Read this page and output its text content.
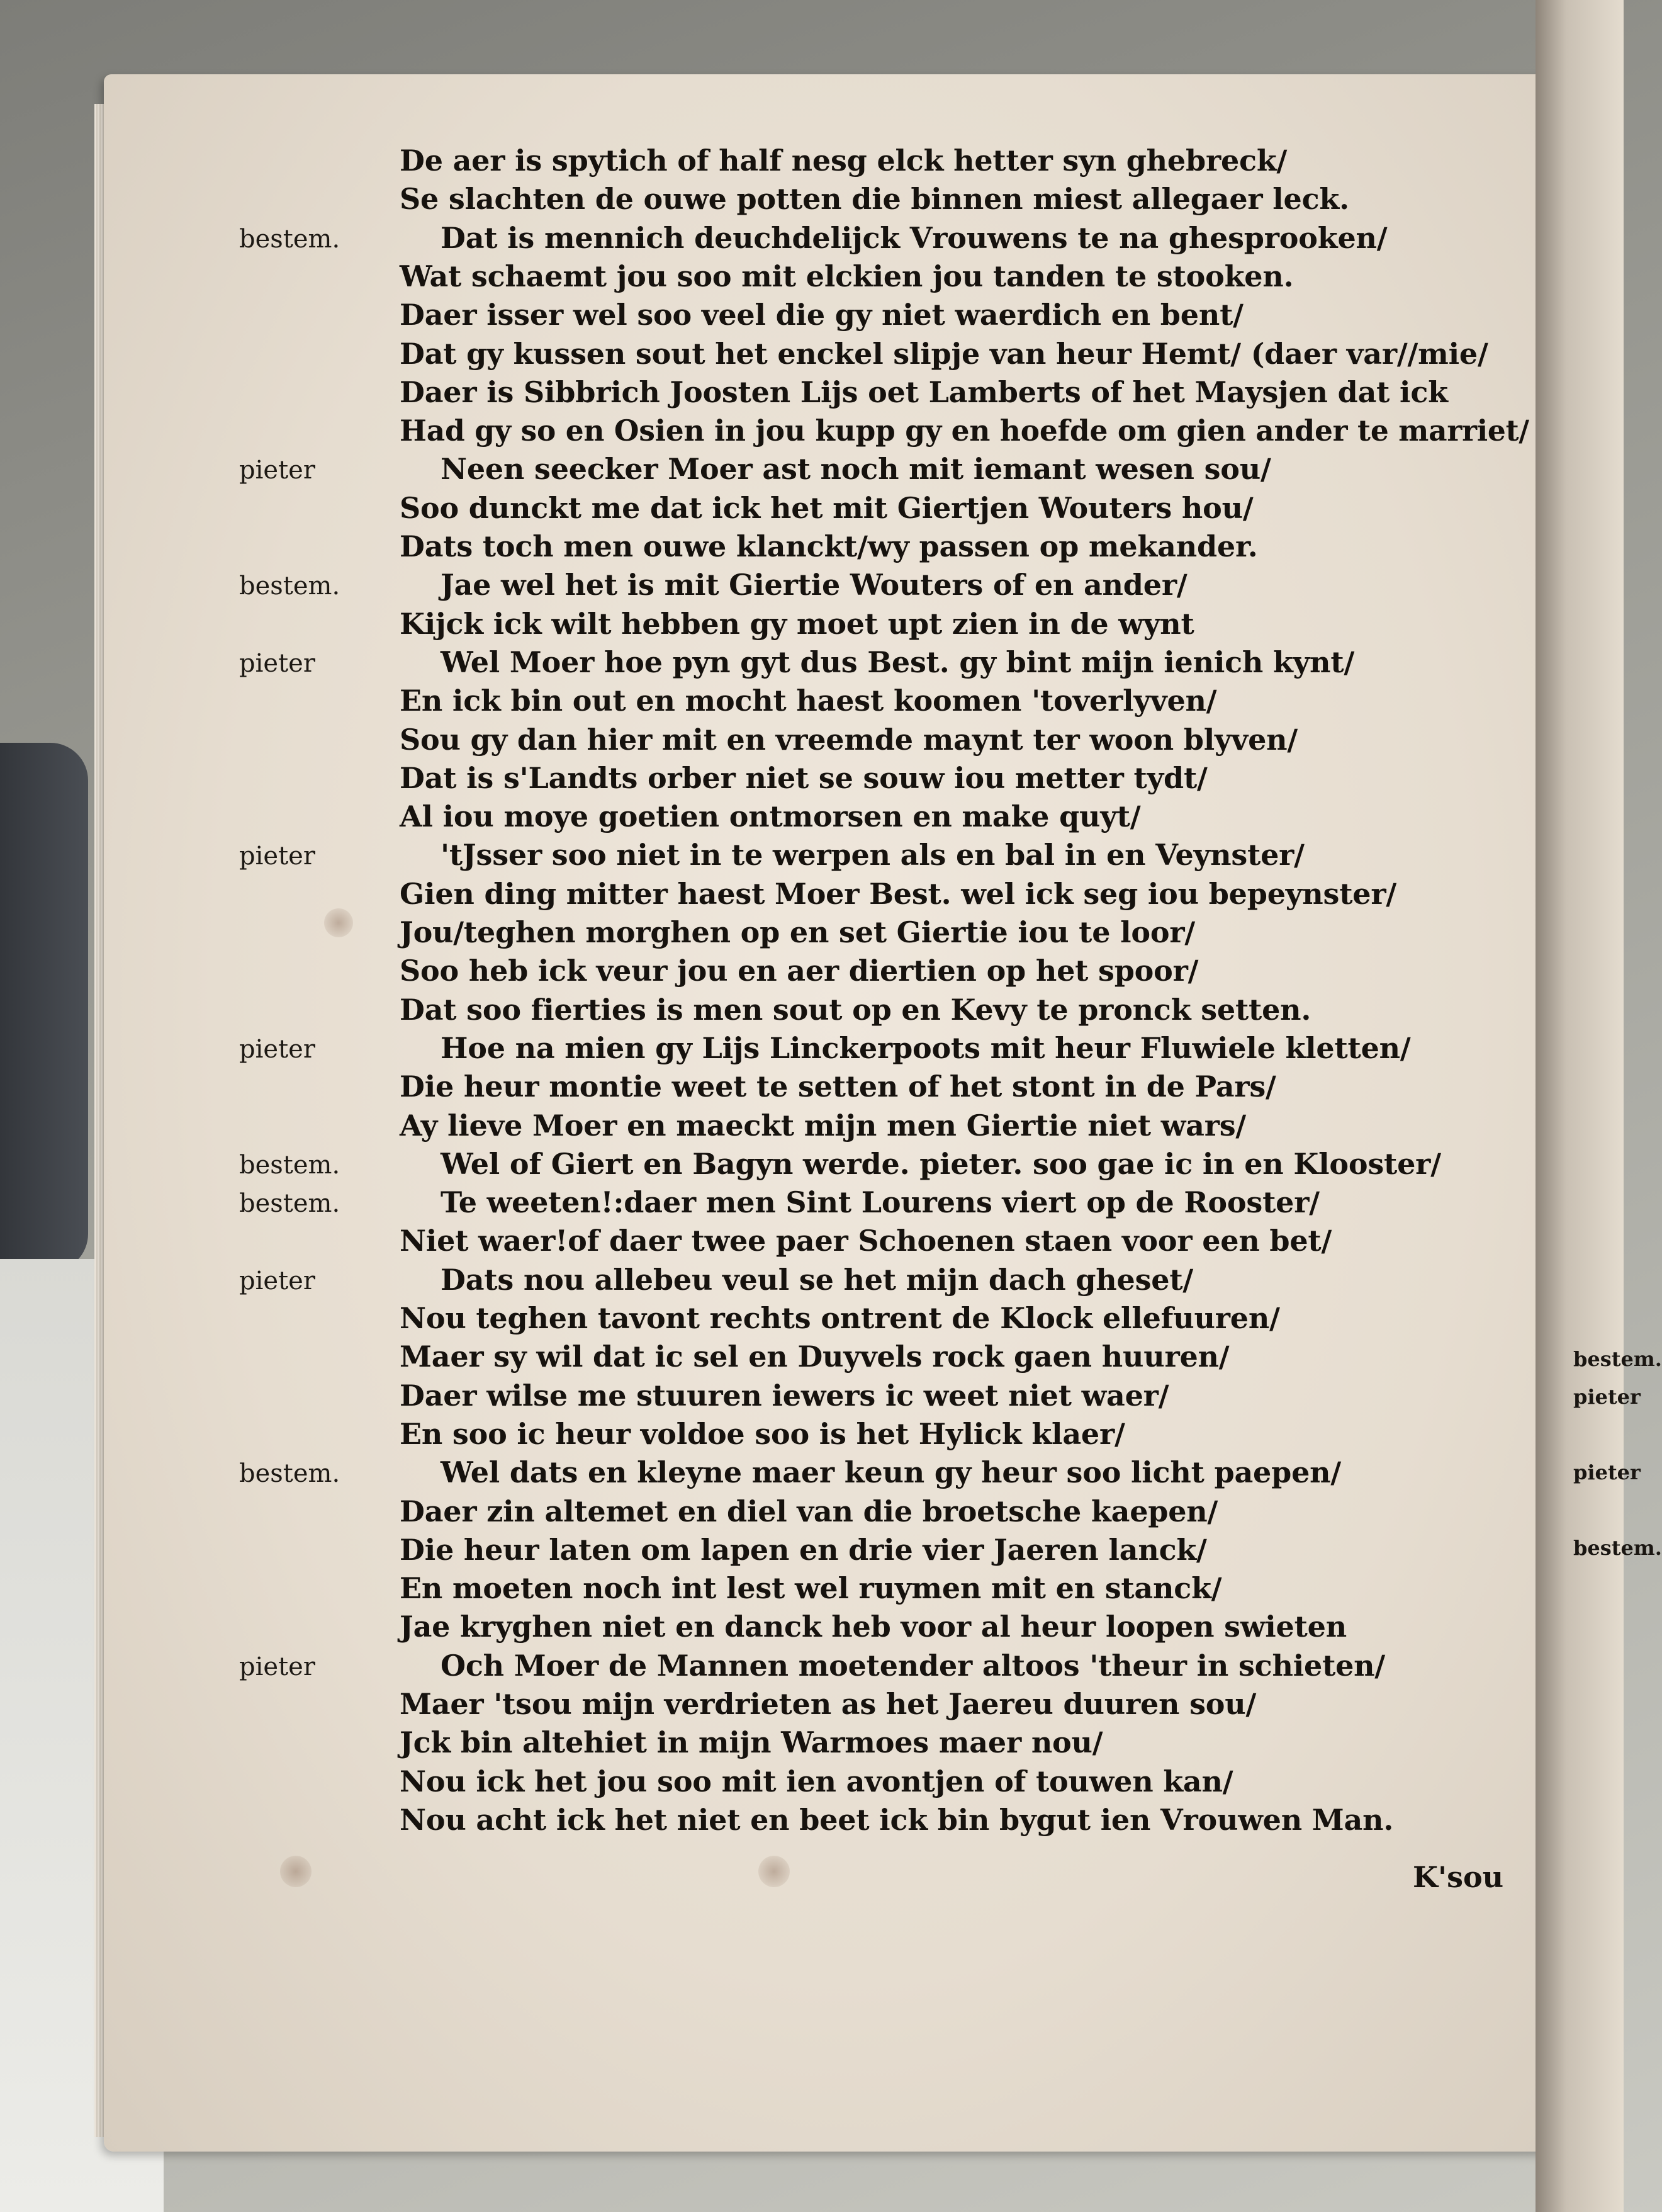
bestem.
pieter
pieter
bestem.
De aer is spytich of half nesg elck hetter syn ghebreck/
Se slachten de ouwe potten die binnen miest allegaer leck.
bestem.	Dat is mennich deuchdelijck Vrouwens te na ghesprooken/
Wat schaemt jou soo mit elckien jou tanden te stooken.
Daer isser wel soo veel die gy niet waerdich en bent/
Dat gy kussen sout het enckel slipje van heur Hemt/ (daer var//mie/
Daer is Sibbrich Joosten Lijs oet Lamberts of het Maysjen dat ick
Had gy so en Osien in jou kupp gy en hoefde om gien ander te marriet/
pieter	Neen seecker Moer ast noch mit iemant wesen sou/
Soo dunckt me dat ick het mit Giertjen Wouters hou/
Dats toch men ouwe klanckt/wy passen op mekander.
bestem.	Jae wel het is mit Giertie Wouters of en ander/
Kijck ick wilt hebben gy moet upt zien in de wynt
pieter	Wel Moer hoe pyn gyt dus Best. gy bint mijn ienich kynt/
En ick bin out en mocht haest koomen 'toverlyven/
Sou gy dan hier mit en vreemde maynt ter woon blyven/
Dat is s'Landts orber niet se souw iou metter tydt/
Al iou moye goetien ontmorsen en make quyt/
pieter	'tJsser soo niet in te werpen als en bal in en Veynster/
Gien ding mitter haest Moer Best. wel ick seg iou bepeynster/
Jou/teghen morghen op en set Giertie iou te loor/
Soo heb ick veur jou en aer diertien op het spoor/
Dat soo fierties is men sout op en Kevy te pronck setten.
pieter	Hoe na mien gy Lijs Linckerpoots mit heur Fluwiele kletten/
Die heur montie weet te setten of het stont in de Pars/
Ay lieve Moer en maeckt mijn men Giertie niet wars/
bestem.	Wel of Giert en Bagyn werde. pieter. soo gae ic in en Klooster/
bestem.	Te weeten!:daer men Sint Lourens viert op de Rooster/
Niet waer!of daer twee paer Schoenen staen voor een bet/
pieter	Dats nou allebeu veul se het mijn dach gheset/
Nou teghen tavont rechts ontrent de Klock ellefuuren/
Maer sy wil dat ic sel en Duyvels rock gaen huuren/
Daer wilse me stuuren iewers ic weet niet waer/
En soo ic heur voldoe soo is het Hylick klaer/
bestem.	Wel dats en kleyne maer keun gy heur soo licht paepen/
Daer zin altemet en diel van die broetsche kaepen/
Die heur laten om lapen en drie vier Jaeren lanck/
En moeten noch int lest wel ruymen mit en stanck/
Jae kryghen niet en danck heb voor al heur loopen swieten
pieter	Och Moer de Mannen moetender altoos 'theur in schieten/
Maer 'tsou mijn verdrieten as het Jaereu duuren sou/
Jck bin altehiet in mijn Warmoes maer nou/
Nou ick het jou soo mit ien avontjen of touwen kan/
Nou acht ick het niet en beet ick bin bygut ien Vrouwen Man.
K'sou
